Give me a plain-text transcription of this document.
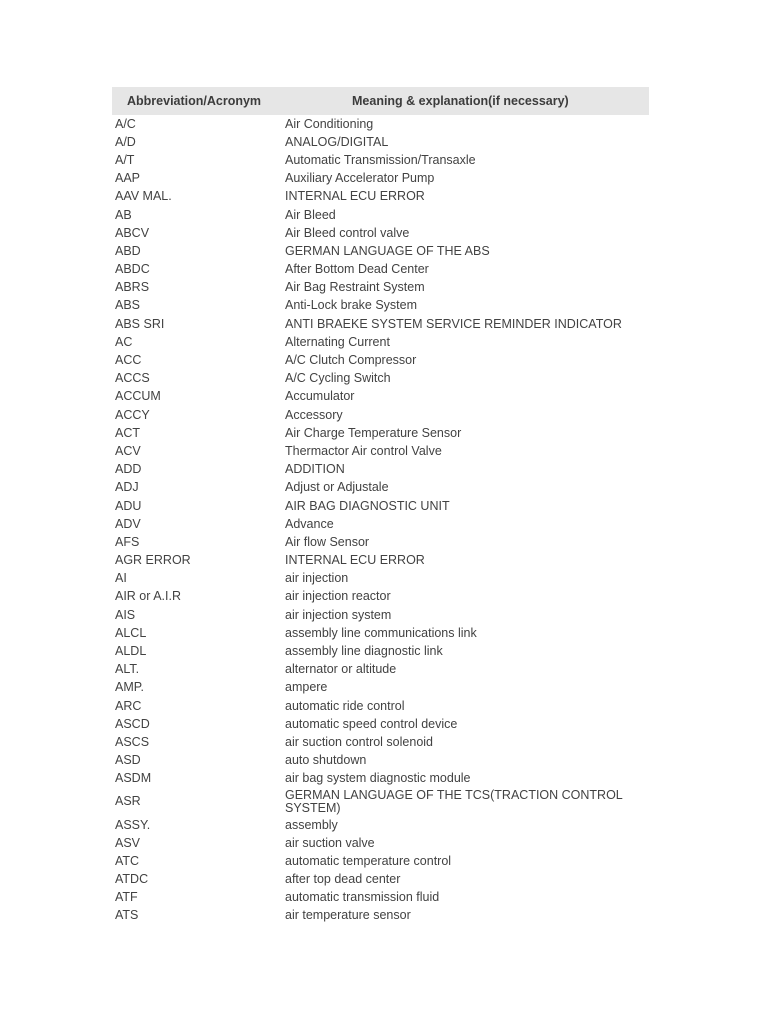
Abbreviation/Acronym	Meaning & explanation(if necessary)
A/C	Air Conditioning
A/D	ANALOG/DIGITAL
A/T	Automatic Transmission/Transaxle
AAP	Auxiliary Accelerator Pump
AAV MAL.	INTERNAL ECU ERROR
AB	Air Bleed
ABCV	Air Bleed control valve
ABD	GERMAN LANGUAGE OF THE ABS
ABDC	After Bottom Dead Center
ABRS	Air Bag Restraint System
ABS	Anti-Lock brake System
ABS SRI	ANTI BRAEKE SYSTEM SERVICE REMINDER INDICATOR
AC	Alternating Current
ACC	A/C Clutch Compressor
ACCS	A/C Cycling Switch
ACCUM	Accumulator
ACCY	Accessory
ACT	Air Charge Temperature Sensor
ACV	Thermactor Air control Valve
ADD	ADDITION
ADJ	Adjust or Adjustale
ADU	AIR BAG DIAGNOSTIC UNIT
ADV	Advance
AFS	Air flow Sensor
AGR ERROR	INTERNAL ECU ERROR
AI	air injection
AIR or A.I.R	air injection reactor
AIS	air injection system
ALCL	assembly line communications link
ALDL	assembly line diagnostic link
ALT.	alternator or altitude
AMP.	ampere
ARC	automatic ride control
ASCD	automatic speed control device
ASCS	air suction control solenoid
ASD	auto shutdown
ASDM	air bag system diagnostic module
ASR	GERMAN LANGUAGE OF THE TCS(TRACTION CONTROL SYSTEM)
ASSY.	assembly
ASV	air suction valve
ATC	automatic temperature control
ATDC	after top dead center
ATF	automatic transmission fluid
ATS	air temperature sensor
